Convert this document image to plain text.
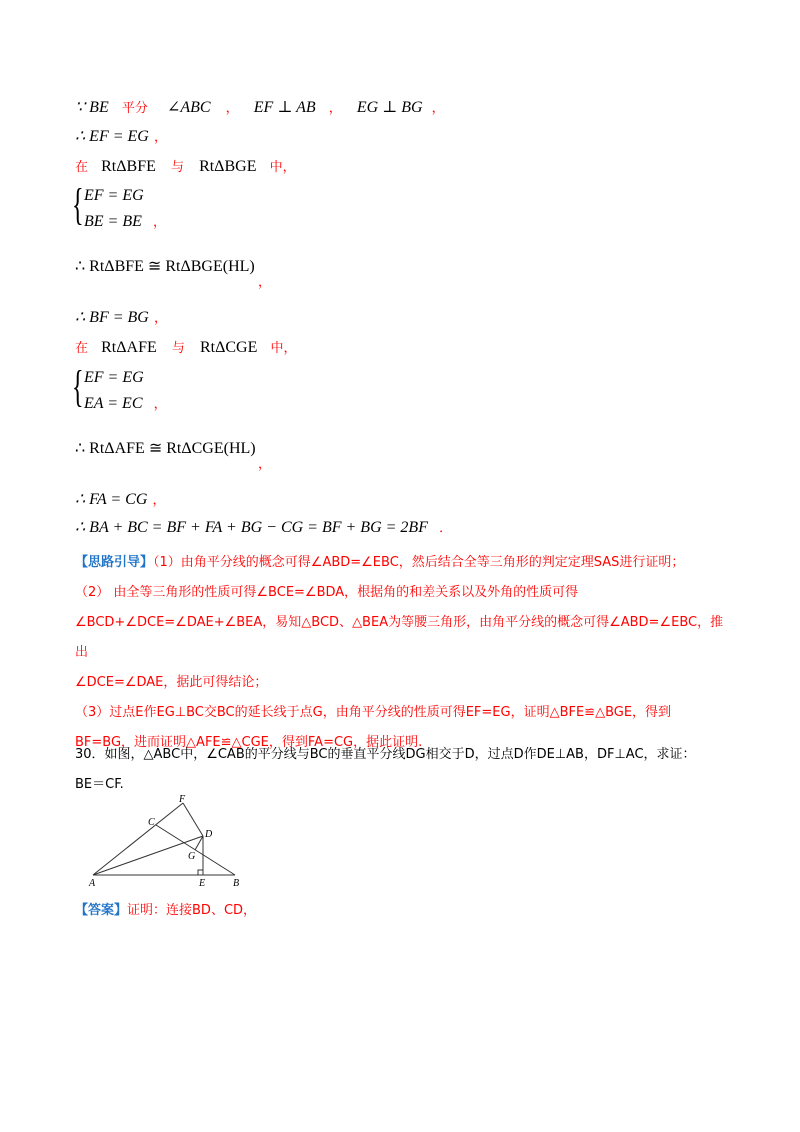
∵ BE 平分 ∠ABC ， EF ⊥ AB ， EG ⊥ BG ，
∴ EF = EG ，
在 RtΔBFE 与 RtΔBGE 中，
{ EF = EG
BE = BE ，
∴ RtΔBFE ≅ RtΔBGE(HL)
，
∴ BF = BG ，
在 RtΔAFE 与 RtΔCGE 中，
{ EF = EG
EA = EC ，
∴ RtΔAFE ≅ RtΔCGE(HL)
，
∴ FA = CG ，
∴ BA + BC = BF + FA + BG − CG = BF + BG = 2BF ．
【思路引导】（1）由角平分线的概念可得∠ABD=∠EBC，然后结合全等三角形的判定定理SAS进行证明；
（2） 由全等三角形的性质可得∠BCE=∠BDA，根据角的和差关系以及外角的性质可得
∠BCD+∠DCE=∠DAE+∠BEA，易知△BCD、△BEA为等腰三角形，由角平分线的概念可得∠ABD=∠EBC，推出
∠DCE=∠DAE，据此可得结论；
（3）过点E作EG⊥BC交BC的延长线于点G，由角平分线的性质可得EF=EG，证明△BFE≌△BGE，得到
BF=BG，进而证明△AFE≌△CGE，得到FA=CG，据此证明.
30．如图，△ABC中，∠CAB的平分线与BC的垂直平分线DG相交于D，过点D作DE⊥AB，DF⊥AC，求证：
BE＝CF.
F
C
D
G
A	E	B
【答案】证明：连接BD、CD，
